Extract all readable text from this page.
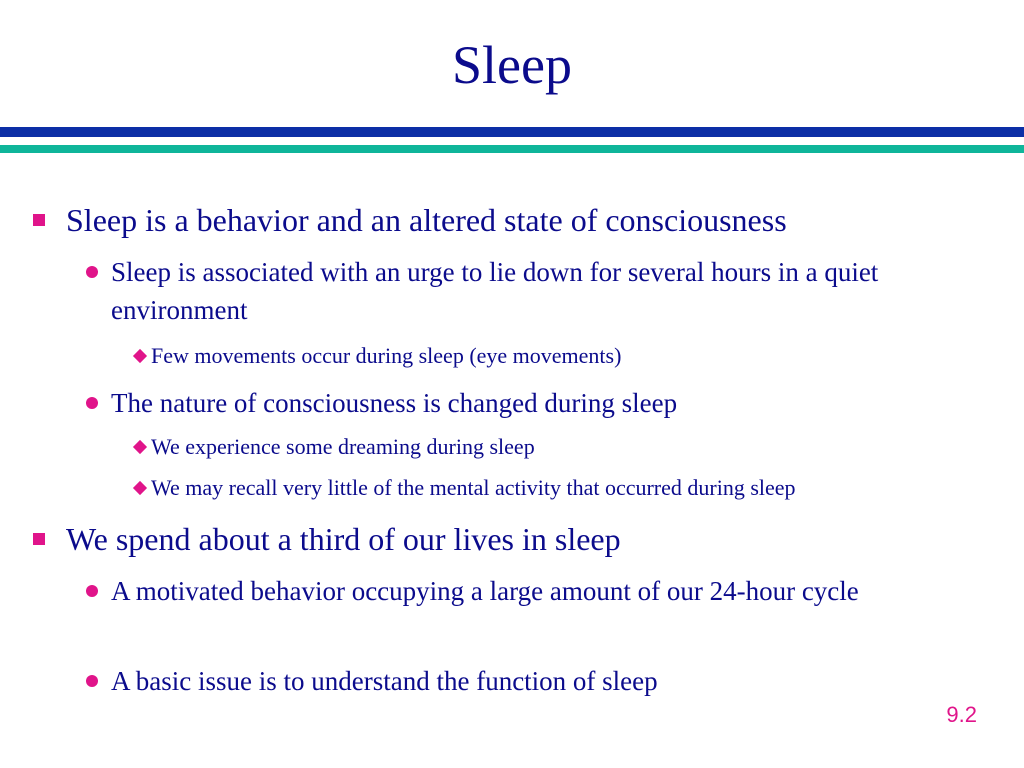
Sleep
Sleep is a behavior and an altered state of consciousness
Sleep is associated with an urge to lie down for several hours in a quiet environment
Few movements occur during sleep (eye movements)
The nature of consciousness is changed during sleep
We experience some dreaming during sleep
We may recall very little of the mental activity that occurred during sleep
We spend about a third of our lives in sleep
A motivated behavior occupying a large amount of our 24-hour cycle
A basic issue is to understand the function of sleep
9.2
